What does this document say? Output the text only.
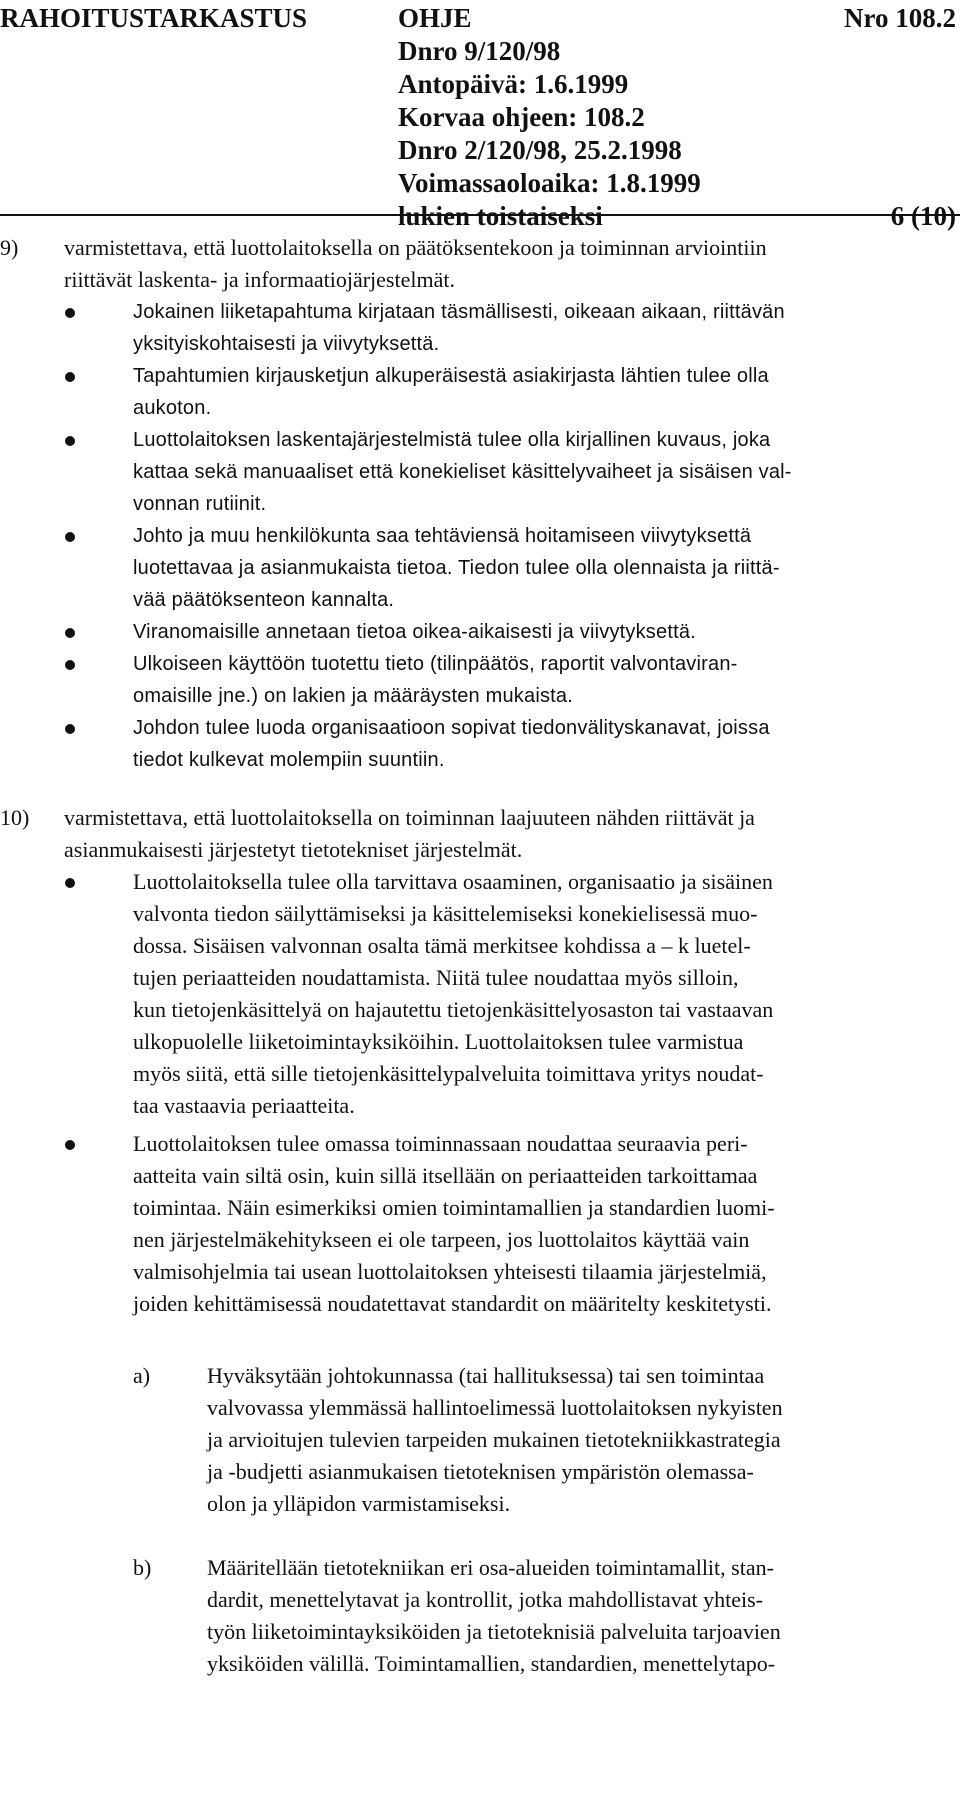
RAHOITUSTARKASTUS	OHJE	Nro 108.2
Dnro 9/120/98
Antopäivä: 1.6.1999
Korvaa ohjeen: 108.2
Dnro 2/120/98, 25.2.1998
Voimassaoloaika: 1.8.1999
lukien toistaiseksi	6 (10)
9) varmistettava, että luottolaitoksella on päätöksentekoon ja toiminnan arviointiin
riittävät laskenta- ja informaatiojärjestelmät.
Jokainen liiketapahtuma kirjataan täsmällisesti, oikeaan aikaan, riittävän
yksityiskohtaisesti ja viivytyksettä.
Tapahtumien kirjausketjun alkuperäisestä asiakirjasta lähtien tulee olla
aukoton.
Luottolaitoksen laskentajärjestelmistä tulee olla kirjallinen kuvaus, joka
kattaa sekä manuaaliset että konekieliset käsittelyvaiheet ja sisäisen val-
vonnan rutiinit.
Johto ja muu henkilökunta saa tehtäviensä hoitamiseen viivytyksettä
luotettavaa ja asianmukaista tietoa. Tiedon tulee olla olennaista ja riittä-
vää päätöksenteon kannalta.
Viranomaisille annetaan tietoa oikea-aikaisesti ja viivytyksettä.
Ulkoiseen käyttöön tuotettu tieto (tilinpäätös, raportit valvontaviran-
omaisille jne.) on lakien ja määräysten mukaista.
Johdon tulee luoda organisaatioon sopivat tiedonvälityskanavat, joissa
tiedot kulkevat molempiin suuntiin.
10) varmistettava, että luottolaitoksella on toiminnan laajuuteen nähden riittävät ja
asianmukaisesti järjestetyt tietotekniset järjestelmät.
Luottolaitoksella tulee olla tarvittava osaaminen, organisaatio ja sisäinen
valvonta tiedon säilyttämiseksi ja käsittelemiseksi konekielisessä muo-
dossa. Sisäisen valvonnan osalta tämä merkitsee kohdissa a – k luetel-
tujen periaatteiden noudattamista. Niitä tulee noudattaa myös silloin,
kun tietojenkäsittelyä on hajautettu tietojenkäsittelyosaston tai vastaavan
ulkopuolelle liiketoimintayksiköihin. Luottolaitoksen tulee varmistua
myös siitä, että sille tietojenkäsittelypalveluita toimittava yritys noudat-
taa vastaavia periaatteita.
Luottolaitoksen tulee omassa toiminnassaan noudattaa seuraavia peri-
aatteita vain siltä osin, kuin sillä itsellään on periaatteiden tarkoittamaa
toimintaa. Näin esimerkiksi omien toimintamallien ja standardien luomi-
nen järjestelmäkehitykseen ei ole tarpeen, jos luottolaitos käyttää vain
valmisohjelmia tai usean luottolaitoksen yhteisesti tilaamia järjestelmiä,
joiden kehittämisessä noudatettavat standardit on määritelty keskitetysti.
a)	Hyväksytään johtokunnassa (tai hallituksessa) tai sen toimintaa
valvovassa ylemmässä hallintoelimessä luottolaitoksen nykyisten
ja arvioitujen tulevien tarpeiden mukainen tietotekniikkastrategia
ja -budjetti asianmukaisen tietoteknisen ympäristön olemassa-
olon ja ylläpidon varmistamiseksi.
b)	Määritellään tietotekniikan eri osa-alueiden toimintamallit, stan-
dardit, menettelytavat ja kontrollit, jotka mahdollistavat yhteis-
työn liiketoimintayksiköiden ja tietoteknisiä palveluita tarjoavien
yksiköiden välillä. Toimintamallien, standardien, menettelytapo-
